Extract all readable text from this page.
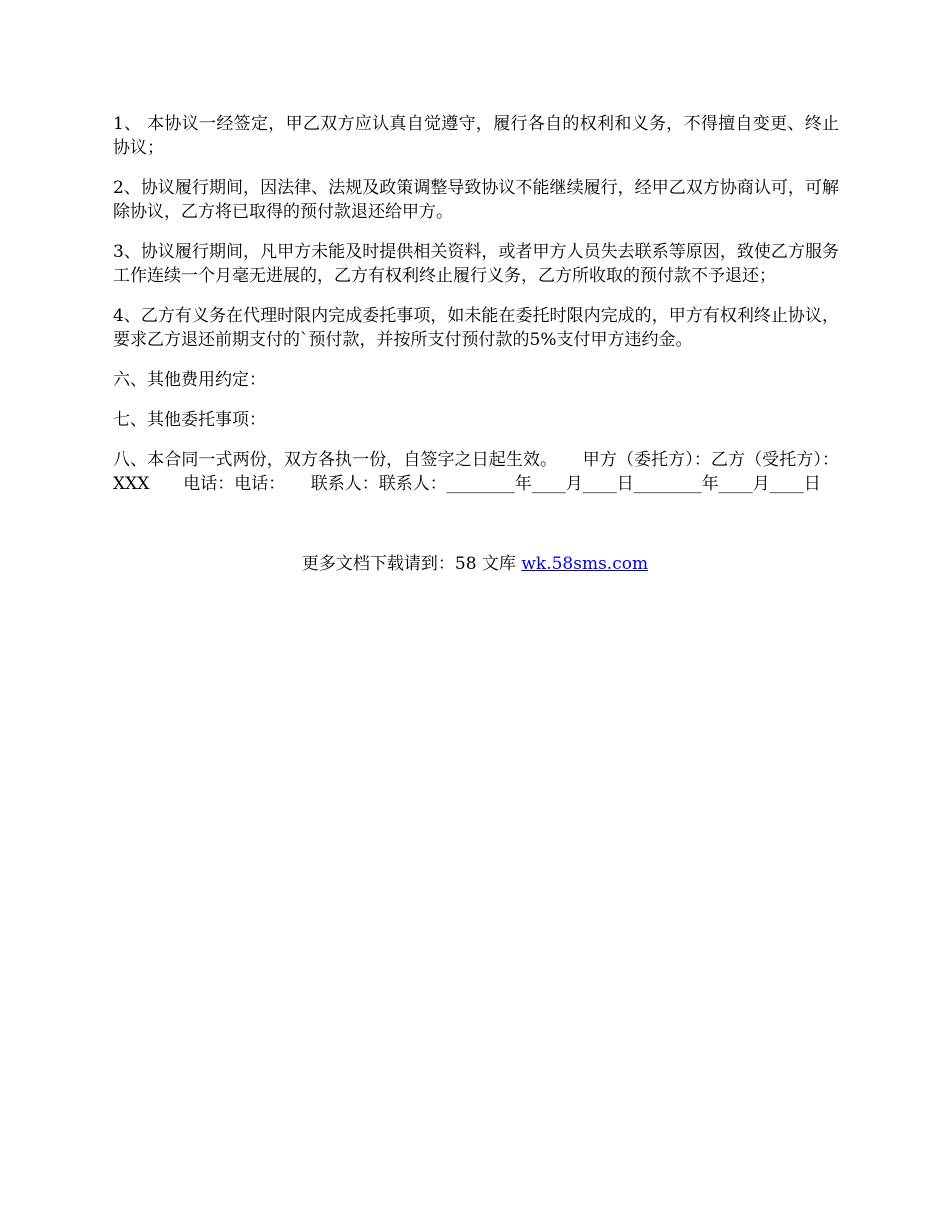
1、 本协议一经签定，甲乙双方应认真自觉遵守，履行各自的权利和义务，不得擅自变更、终止协议；

2、协议履行期间，因法律、法规及政策调整导致协议不能继续履行，经甲乙双方协商认可，可解除协议，乙方将已取得的预付款退还给甲方。

3、协议履行期间，凡甲方未能及时提供相关资料，或者甲方人员失去联系等原因，致使乙方服务工作连续一个月毫无进展的，乙方有权利终止履行义务，乙方所收取的预付款不予退还；

4、乙方有义务在代理时限内完成委托事项，如未能在委托时限内完成的，甲方有权利终止协议，要求乙方退还前期支付的`预付款，并按所支付预付款的5%支付甲方违约金。

六、其他费用约定：

七、其他委托事项：

八、本合同一式两份，双方各执一份，自签字之日起生效。　　甲方（委托方）：乙方（受托方）：XXX　　电话：电话：　　联系人：联系人：________年____月____日________年____月____日

更多文档下载请到：58 文库 wk.58sms.com
